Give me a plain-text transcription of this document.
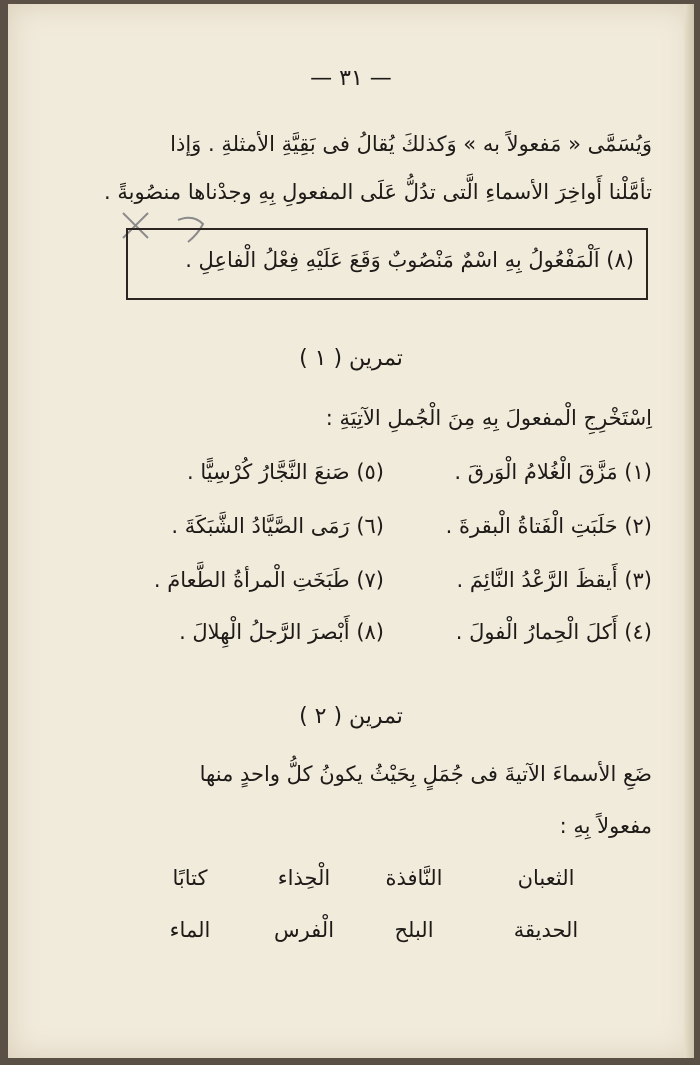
— ٣١ —
وَيُسَمَّى « مَفعولاً به » وَكذلكَ يُقالُ فى بَقِيَّةِ الأمثلةِ . وَإذا
تأمَّلْنا أَواخِرَ الأسماءِ الَّتى تدُلُّ عَلَى المفعولِ بِهِ وجدْناها منصُوبةً .
(٨) اَلْمَفْعُولُ بِهِ اسْمٌ مَنْصُوبٌ وَقَعَ عَلَيْهِ فِعْلُ الْفاعِلِ .
تمرين ( ١ )
اِسْتَخْرِجِ الْمفعولَ بِهِ مِنَ الْجُملِ الآتِيَةِ :
(١) مَزَّقَ الْغُلامُ الْوَرقَ .
(٥) صَنعَ النَّجَّارُ كُرْسِيًّا .
(٢) حَلَبَتِ الْفَتاةُ الْبقرةَ .
(٦) رَمَى الصَّيَّادُ الشَّبَكَةَ .
(٣) أَيقظَ الرَّعْدُ النَّائِمَ .
(٧) طَبَخَتِ الْمرأةُ الطَّعامَ .
(٤) أَكلَ الْحِمارُ الْفولَ .
(٨) أَبْصرَ الرَّجلُ الْهِلالَ .
تمرين ( ٢ )
ضَعِ الأسماءَ الآتيةَ فى جُمَلٍ بِحَيْثُ يكونُ كلُّ واحدٍ منها
مفعولاً بِهِ :
الثعبان
النَّافذة
الْحِذاء
كتابًا
الحديقة
البلح
الْفرس
الماء
